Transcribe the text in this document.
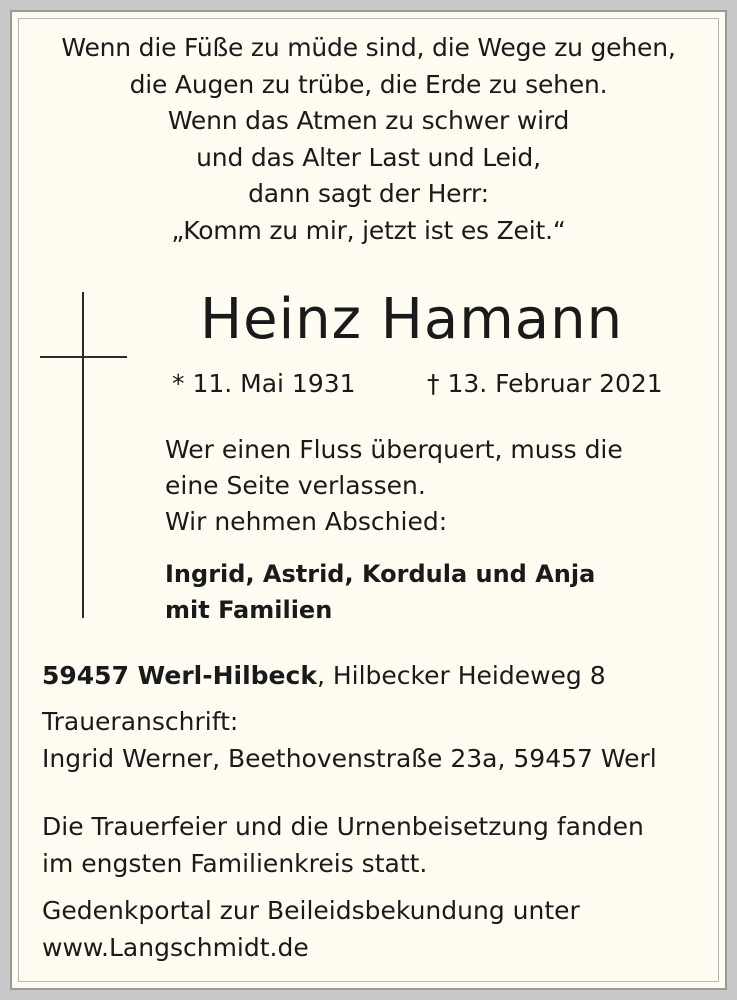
Wenn die Füße zu müde sind, die Wege zu gehen,
die Augen zu trübe, die Erde zu sehen.
Wenn das Atmen zu schwer wird
und das Alter Last und Leid,
dann sagt der Herr:
„Komm zu mir, jetzt ist es Zeit.“
Heinz Hamann
* 11. Mai 1931	† 13. Februar 2021
Wer einen Fluss überquert, muss die
eine Seite verlassen.
Wir nehmen Abschied:
Ingrid, Astrid, Kordula und Anja
mit Familien
59457 Werl-Hilbeck, Hilbecker Heideweg 8
Traueranschrift:
Ingrid Werner, Beethovenstraße 23a, 59457 Werl
Die Trauerfeier und die Urnenbeisetzung fanden
im engsten Familienkreis statt.
Gedenkportal zur Beileidsbekundung unter
www.Langschmidt.de
